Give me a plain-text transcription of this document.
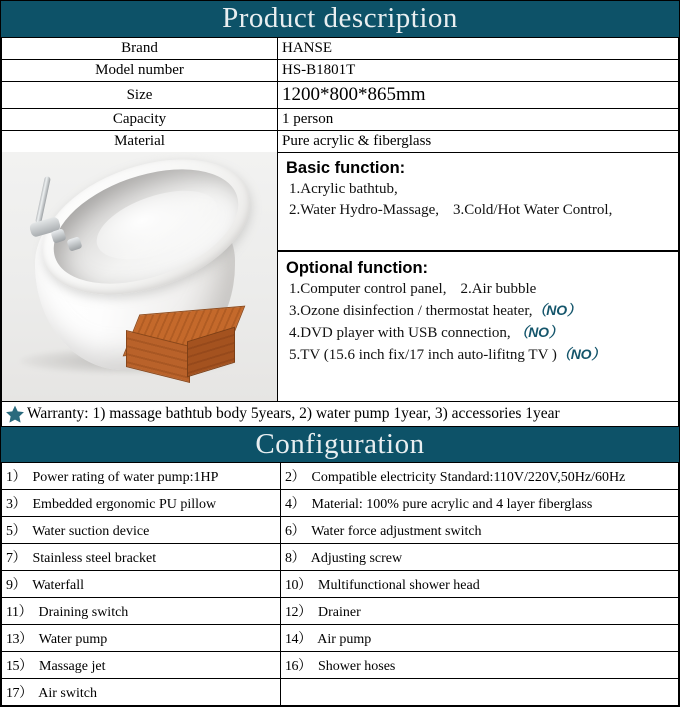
Product description
Brand	HANSE
Model number	HS-B1801T
Size	1200*800*865mm
Capacity	1 person
Material	Pure acrylic & fiberglass
Basic function:
1.Acrylic bathtub,
2.Water Hydro-Massage, 3.Cold/Hot Water Control,
Optional function:
1.Computer control panel, 2.Air bubble
3.Ozone disinfection / thermostat heater,（NO）
4.DVD player with USB connection, （NO）
5.TV (15.6 inch fix/17 inch auto-lifitng TV )（NO）
Warranty: 1) massage bathtub body 5years, 2) water pump 1year, 3) accessories 1year
Configuration
1） Power rating of water pump:1HP	2） Compatible electricity Standard:110V/220V,50Hz/60Hz
3） Embedded ergonomic PU pillow	4） Material: 100% pure acrylic and 4 layer fiberglass
5） Water suction device	6） Water force adjustment switch
7） Stainless steel bracket	8） Adjusting screw
9） Waterfall	10） Multifunctional shower head
11） Draining switch	12） Drainer
13） Water pump	14） Air pump
15） Massage jet	16） Shower hoses
17） Air switch	
